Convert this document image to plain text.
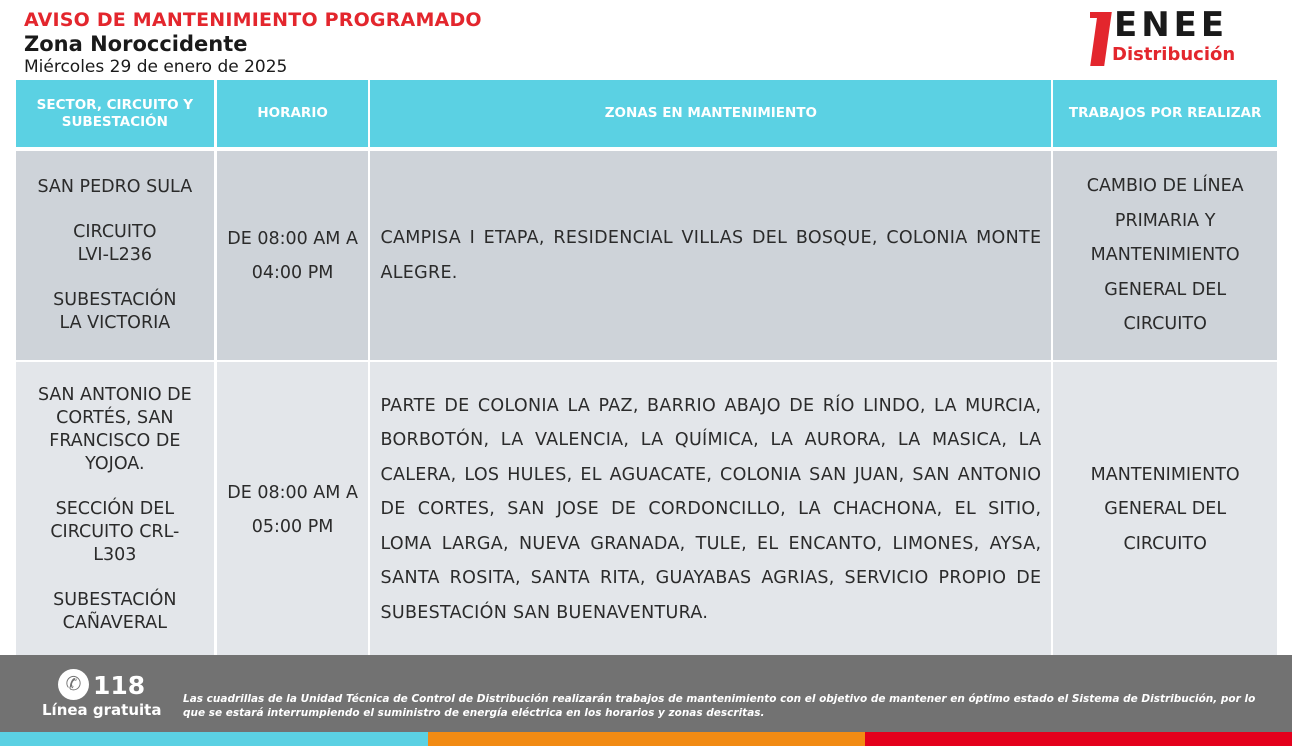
AVISO DE MANTENIMIENTO PROGRAMADO
Zona Noroccidente
Miércoles 29 de enero de 2025
ENEE
Distribución
SECTOR, CIRCUITO Y SUBESTACIÓN
HORARIO	ZONAS EN MANTENIMIENTO	TRABAJOS POR REALIZAR
SAN PEDRO SULA
CIRCUITO LVI-L236
SUBESTACIÓN LA VICTORIA
DE 08:00 AM A 04:00 PM
CAMPISA I ETAPA, RESIDENCIAL VILLAS DEL BOSQUE, COLONIA MONTE ALEGRE.
CAMBIO DE LÍNEA PRIMARIA Y MANTENIMIENTO GENERAL DEL CIRCUITO
SAN ANTONIO DE CORTÉS, SAN FRANCISCO DE YOJOA.
SECCIÓN DEL CIRCUITO CRL-L303
SUBESTACIÓN CAÑAVERAL
DE 08:00 AM A 05:00 PM
PARTE DE COLONIA LA PAZ, BARRIO ABAJO DE RÍO LINDO, LA MURCIA, BORBOTÓN, LA VALENCIA, LA QUÍMICA, LA AURORA, LA MASICA, LA CALERA, LOS HULES, EL AGUACATE, COLONIA SAN JUAN, SAN ANTONIO DE CORTES, SAN JOSE DE CORDONCILLO, LA CHACHONA, EL SITIO, LOMA LARGA, NUEVA GRANADA, TULE, EL ENCANTO, LIMONES, AYSA, SANTA ROSITA, SANTA RITA, GUAYABAS AGRIAS, SERVICIO PROPIO DE SUBESTACIÓN SAN BUENAVENTURA.
MANTENIMIENTO GENERAL DEL CIRCUITO
✆ 118
Línea gratuita
Las cuadrillas de la Unidad Técnica de Control de Distribución realizarán trabajos de mantenimiento con el objetivo de mantener en óptimo estado el Sistema de Distribución, por lo que se estará interrumpiendo el suministro de energía eléctrica en los horarios y zonas descritas.
